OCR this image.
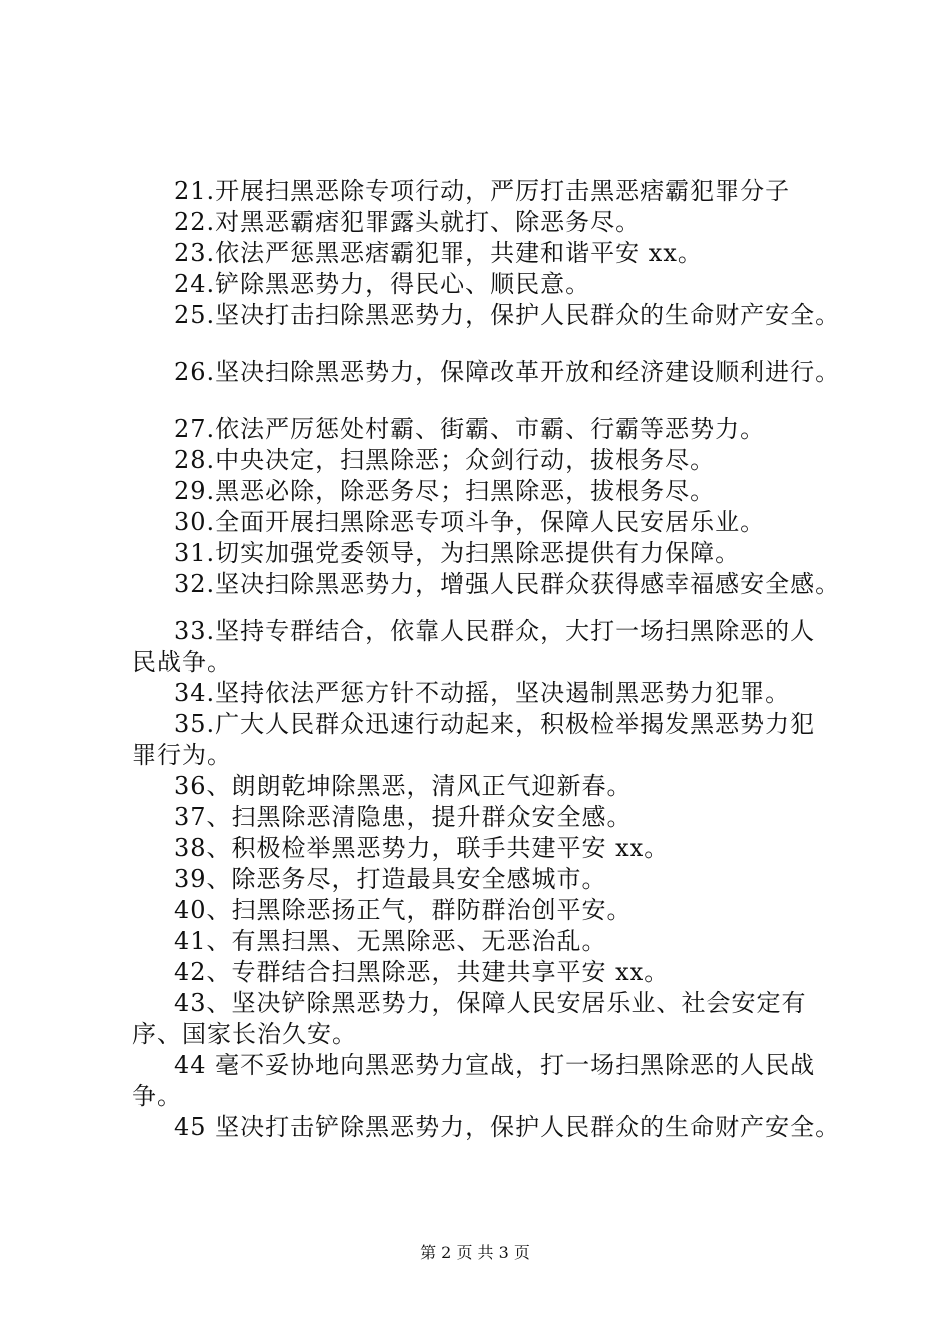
21.开展扫黑恶除专项行动，严厉打击黑恶痞霸犯罪分子
22.对黑恶霸痞犯罪露头就打、除恶务尽。
23.依法严惩黑恶痞霸犯罪，共建和谐平安 xx。
24.铲除黑恶势力，得民心、顺民意。
25.坚决打击扫除黑恶势力，保护人民群众的生命财产安全。
26.坚决扫除黑恶势力，保障改革开放和经济建设顺利进行。
27.依法严厉惩处村霸、街霸、市霸、行霸等恶势力。
28.中央决定，扫黑除恶；众剑行动，拔根务尽。
29.黑恶必除，除恶务尽；扫黑除恶，拔根务尽。
30.全面开展扫黑除恶专项斗争，保障人民安居乐业。
31.切实加强党委领导，为扫黑除恶提供有力保障。
32.坚决扫除黑恶势力，增强人民群众获得感幸福感安全感。
33.坚持专群结合，依靠人民群众，大打一场扫黑除恶的人
民战争。
34.坚持依法严惩方针不动摇，坚决遏制黑恶势力犯罪。
35.广大人民群众迅速行动起来，积极检举揭发黑恶势力犯
罪行为。
36、朗朗乾坤除黑恶，清风正气迎新春。
37、扫黑除恶清隐患，提升群众安全感。
38、积极检举黑恶势力，联手共建平安 xx。
39、除恶务尽，打造最具安全感城市。
40、扫黑除恶扬正气，群防群治创平安。
41、有黑扫黑、无黑除恶、无恶治乱。
42、专群结合扫黑除恶，共建共享平安 xx。
43、坚决铲除黑恶势力，保障人民安居乐业、社会安定有
序、国家长治久安。
44 毫不妥协地向黑恶势力宣战，打一场扫黑除恶的人民战
争。
45 坚决打击铲除黑恶势力，保护人民群众的生命财产安全。
第 2 页 共 3 页
